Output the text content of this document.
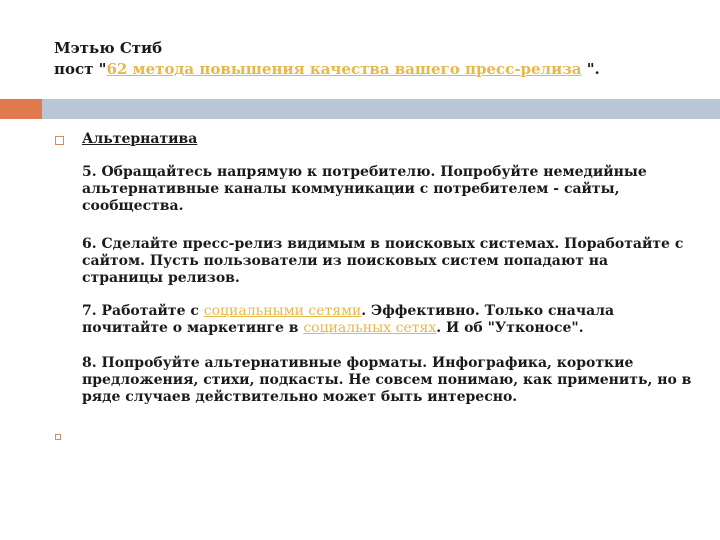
Мэтью Стиб
пост "62 метода повышения качества вашего пресс-релиза ".
Альтернатива
5. Обращайтесь напрямую к потребителю. Попробуйте немедийные альтернативные каналы коммуникации с потребителем - сайты, сообщества.
6. Сделайте пресс-релиз видимым в поисковых системах. Поработайте с сайтом. Пусть пользователи из поисковых систем попадают на страницы релизов.
7. Работайте с социальными сетями. Эффективно. Только сначала почитайте о маркетинге в социальных сетях. И об "Утконосе".
8. Попробуйте альтернативные форматы. Инфографика, короткие предложения, стихи, подкасты. Не совсем понимаю, как применить, но в ряде случаев действительно может быть интересно.
